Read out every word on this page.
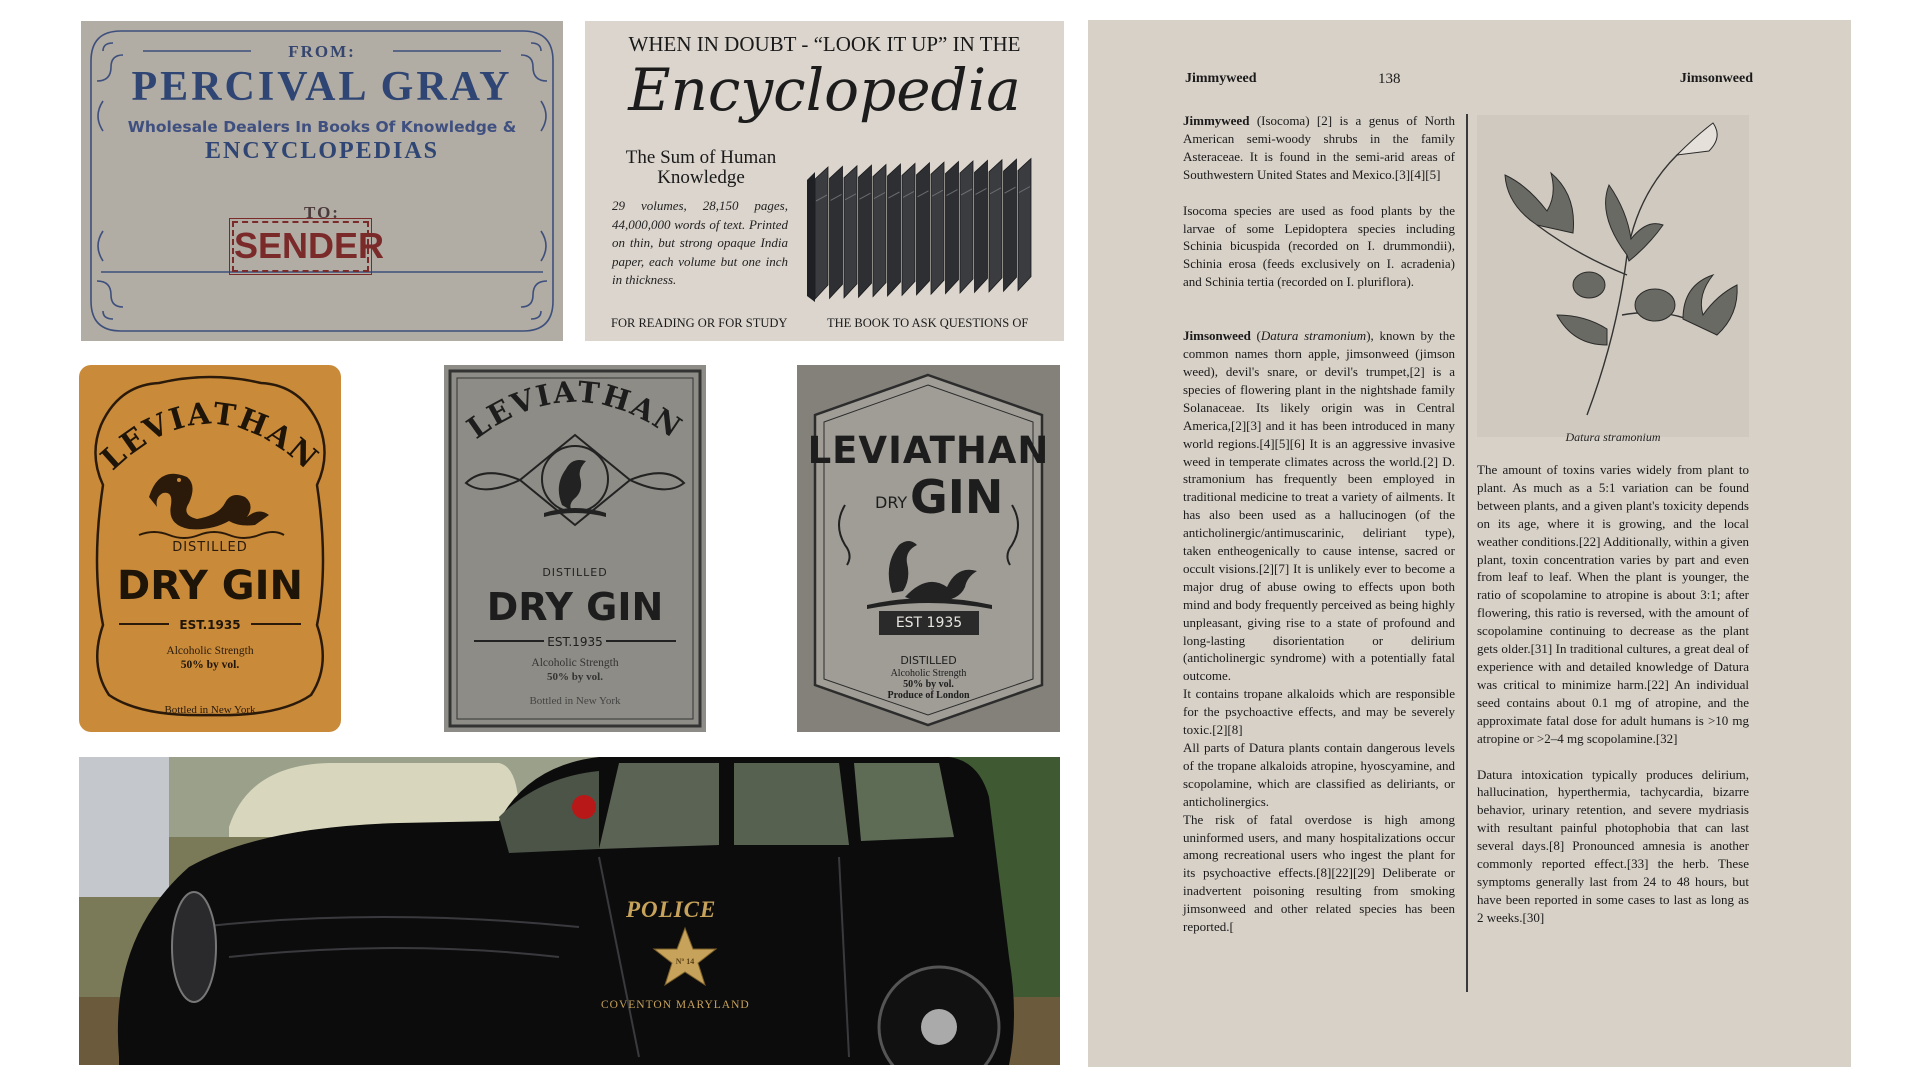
FROM:
PERCIVAL GRAY
Wholesale Dealers In Books Of Knowledge &
ENCYCLOPEDIAS
TO:
SENDER
WHEN IN DOUBT - “LOOK IT UP” IN THE
Encyclopedia
The Sum of Human Knowledge
29 volumes, 28,150 pages, 44,000,000 words of text. Printed on thin, but strong opaque India paper, each volume but one inch in thickness.
FOR READING OR FOR STUDY	THE BOOK TO ASK QUESTIONS OF
LEVIATHAN
DISTILLED
DRY GIN
EST.1935
Alcoholic Strength
50% by vol.
Bottled in New York
LEVIATHAN
DISTILLED
DRY GIN
EST.1935
Alcoholic Strength
50% by vol.
Bottled in New York
LEVIATHAN
DRY GIN
EST 1935
DISTILLED
Alcoholic Strength
50% by vol.
Produce of London
POLICE
Nº 14
COVENTON MARYLAND
Jimmyweed	138	Jimsonweed

Jimmyweed (Isocoma) [2] is a genus of North American semi-woody shrubs in the family Asteraceae. It is found in the semi-arid areas of Southwestern United States and Mexico.[3][4][5]

Isocoma species are used as food plants by the larvae of some Lepidoptera species including Schinia bicuspida (recorded on I. drummondii), Schinia erosa (feeds exclusively on I. acradenia) and Schinia tertia (recorded on I. pluriflora).

Jimsonweed (Datura stramonium), known by the common names thorn apple, jimsonweed (jimson weed), devil's snare, or devil's trumpet,[2] is a species of flowering plant in the nightshade family Solanaceae. Its likely origin was in Central America,[2][3] and it has been introduced in many world regions.[4][5][6] It is an aggressive invasive weed in temperate climates across the world.[2] D. stramonium has frequently been employed in traditional medicine to treat a variety of ailments. It has also been used as a hallucinogen (of the anticholinergic/antimuscarinic, deliriant type), taken entheogenically to cause intense, sacred or occult visions.[2][7] It is unlikely ever to become a major drug of abuse owing to effects upon both mind and body frequently perceived as being highly unpleasant, giving rise to a state of profound and long-lasting disorientation or delirium (anticholinergic syndrome) with a potentially fatal outcome.

It contains tropane alkaloids which are responsible for the psychoactive effects, and may be severely toxic.[2][8]

All parts of Datura plants contain dangerous levels of the tropane alkaloids atropine, hyoscyamine, and scopolamine, which are classified as deliriants, or anticholinergics.

The risk of fatal overdose is high among uninformed users, and many hospitalizations occur among recreational users who ingest the plant for its psychoactive effects.[8][22][29] Deliberate or inadvertent poisoning resulting from smoking jimsonweed and other related species has been reported.[

Datura stramonium

The amount of toxins varies widely from plant to plant. As much as a 5:1 variation can be found between plants, and a given plant's toxicity depends on its age, where it is growing, and the local weather conditions.[22] Additionally, within a given plant, toxin concentration varies by part and even from leaf to leaf. When the plant is younger, the ratio of scopolamine to atropine is about 3:1; after flowering, this ratio is reversed, with the amount of scopolamine continuing to decrease as the plant gets older.[31] In traditional cultures, a great deal of experience with and detailed knowledge of Datura was critical to minimize harm.[22] An individual seed contains about 0.1 mg of atropine, and the approximate fatal dose for adult humans is >10 mg atropine or >2–4 mg scopolamine.[32]

Datura intoxication typically produces delirium, hallucination, hyperthermia, tachycardia, bizarre behavior, urinary retention, and severe mydriasis with resultant painful photophobia that can last several days.[8] Pronounced amnesia is another commonly reported effect.[33] the herb. These symptoms generally last from 24 to 48 hours, but have been reported in some cases to last as long as 2 weeks.[30]
